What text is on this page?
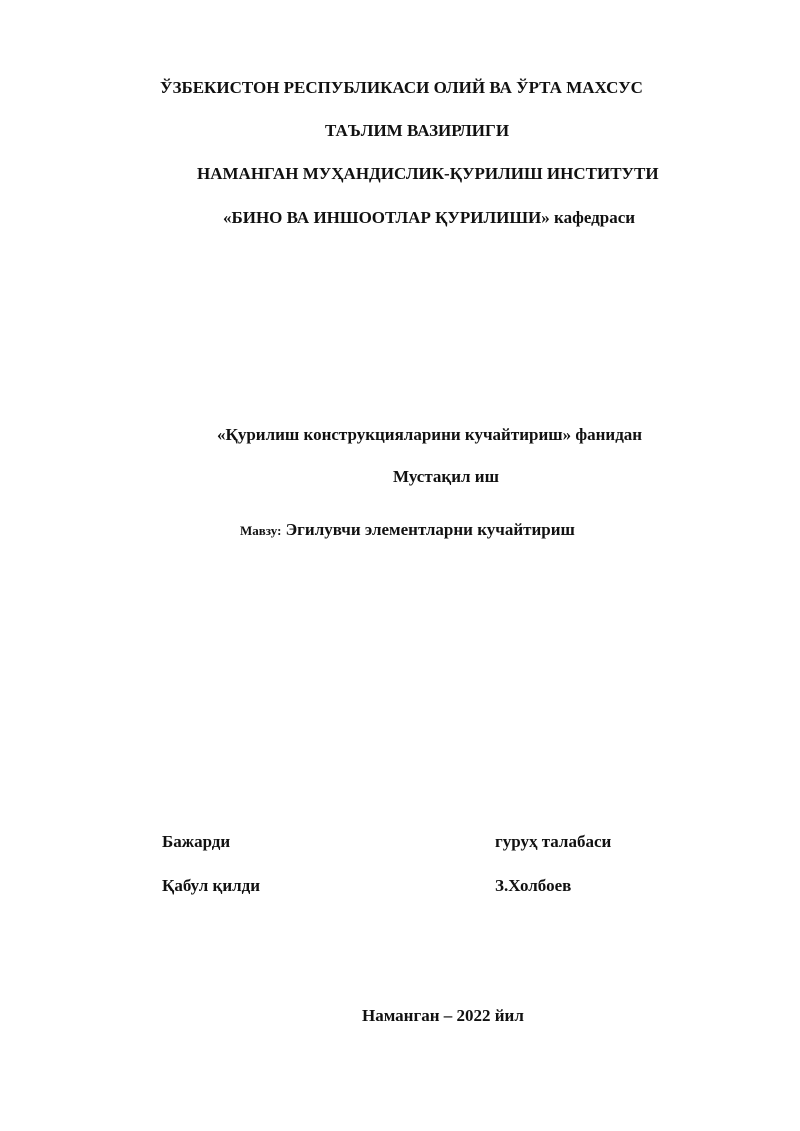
ЎЗБЕКИСТОН РЕСПУБЛИКАСИ ОЛИЙ ВА ЎРТА МАХСУС
ТАЪЛИМ ВАЗИРЛИГИ
НАМАНГАН МУҲАНДИСЛИК-ҚУРИЛИШ ИНСТИТУТИ
«БИНО ВА ИНШООТЛАР ҚУРИЛИШИ» кафедраси
«Қурилиш конструкцияларини кучайтириш» фанидан
Мустақил иш
Мавзу: Эгилувчи элементларни кучайтириш
Бажарди	гуруҳ талабаси
Қабул қилди	З.Холбоев
Наманган – 2022 йил
